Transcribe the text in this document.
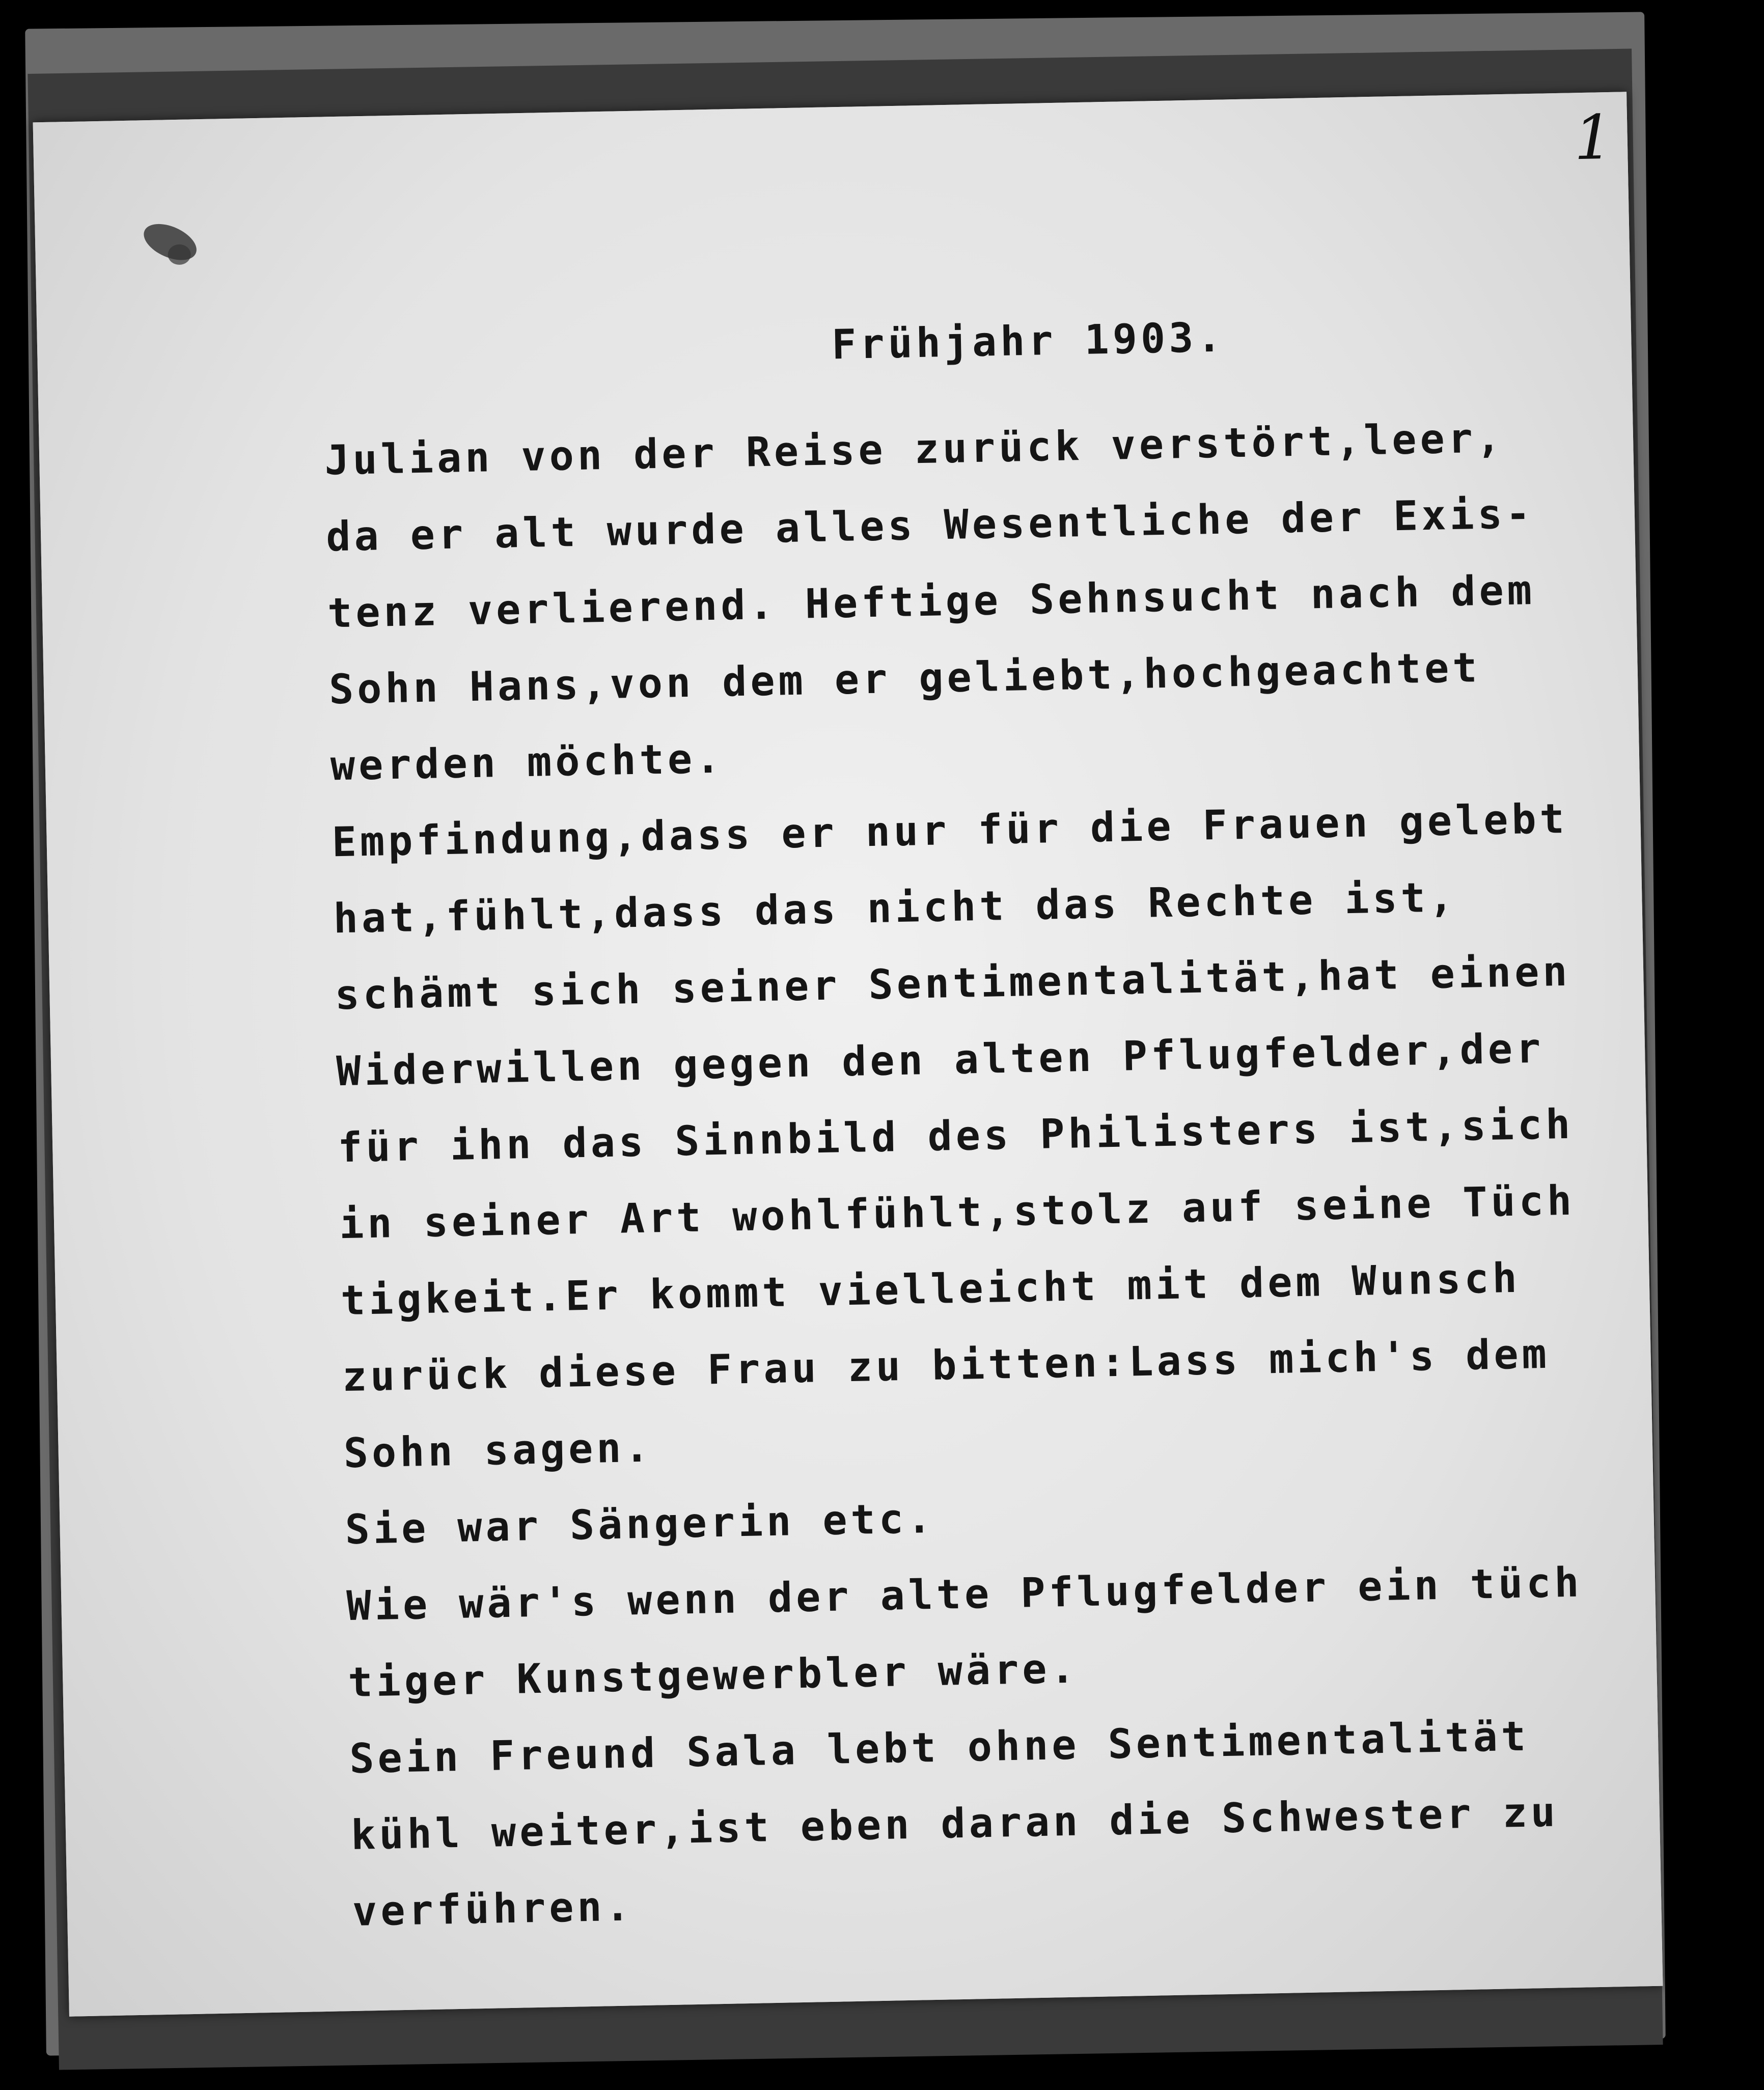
1
Frühjahr 1903.
Julian von der Reise zurück verstört,leer,
da er alt wurde alles Wesentliche der Exis-
tenz verlierend. Heftige Sehnsucht nach dem
Sohn Hans,von dem er geliebt,hochgeachtet
werden möchte.
Empfindung,dass er nur für die Frauen gelebt
hat,fühlt,dass das nicht das Rechte ist,
schämt sich seiner Sentimentalität,hat einen
Widerwillen gegen den alten Pflugfelder,der
für ihn das Sinnbild des Philisters ist,sich
in seiner Art wohlfühlt,stolz auf seine Tüch
tigkeit.Er kommt vielleicht mit dem Wunsch
zurück diese Frau zu bitten:Lass mich's dem
Sohn sagen.
Sie war Sängerin etc.
Wie wär's wenn der alte Pflugfelder ein tüch
tiger Kunstgewerbler wäre.
Sein Freund Sala lebt ohne Sentimentalität
kühl weiter,ist eben daran die Schwester zu
verführen.
